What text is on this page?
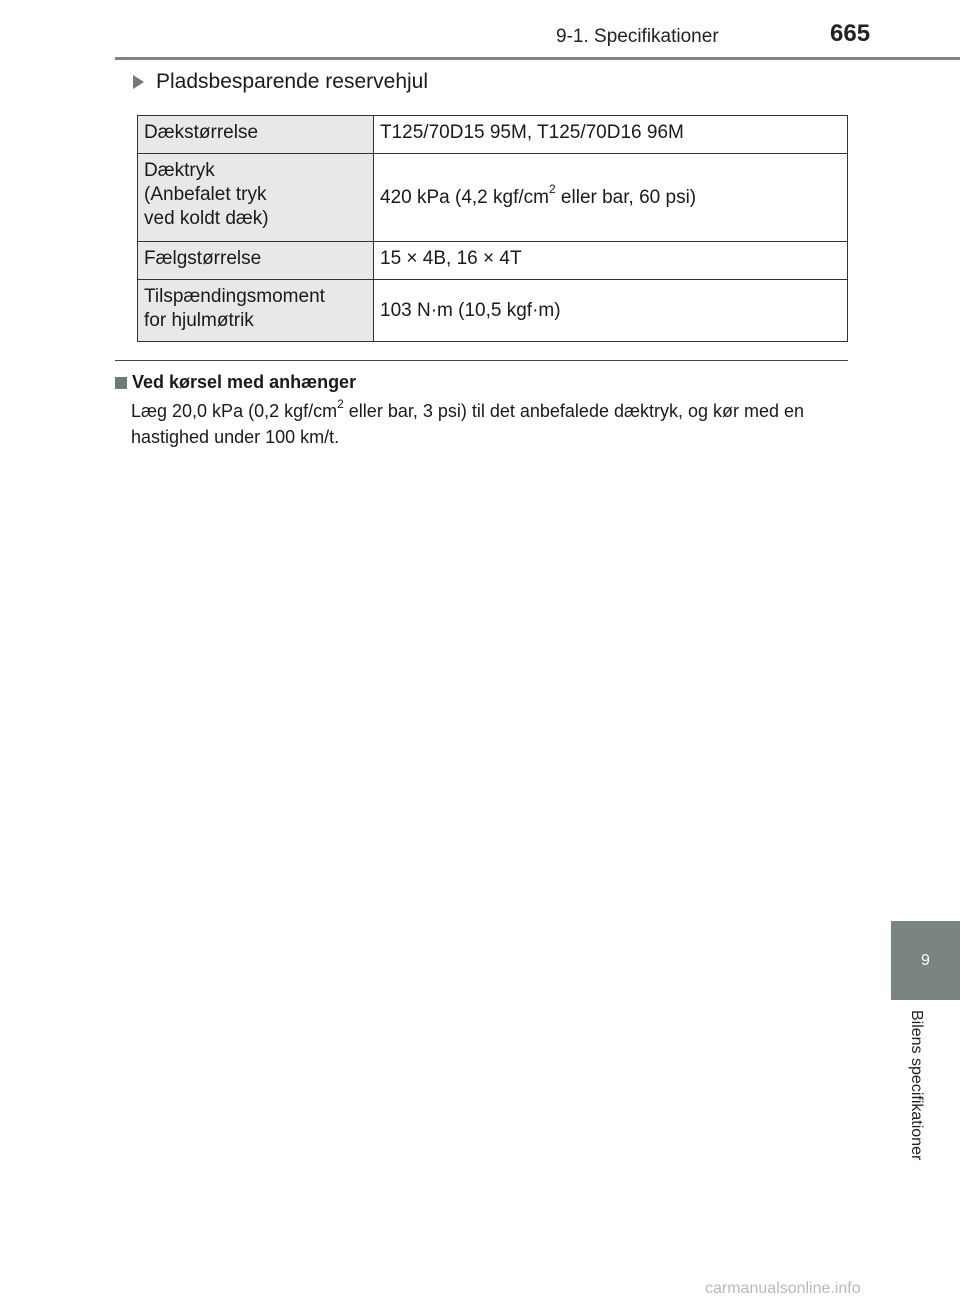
9-1. Specifikationer	665
Pladsbesparende reservehjul
Dækstørrelse	T125/70D15 95M, T125/70D16 96M
Dæktryk
(Anbefalet tryk
ved koldt dæk)	420 kPa (4,2 kgf/$cm^2$ eller bar, 60 psi)
Fælgstørrelse	15 × 4B, 16 × 4T
Tilspændingsmoment
for hjulmøtrik	103 N·m (10,5 kgf·m)
Ved kørsel med anhænger
Læg 20,0 kPa (0,2 kgf/$cm^2$ eller bar, 3 psi) til det anbefalede dæktryk, og kør med en hastighed under 100 km/t.
9
Bilens specifikationer
carmanualsonline.info
